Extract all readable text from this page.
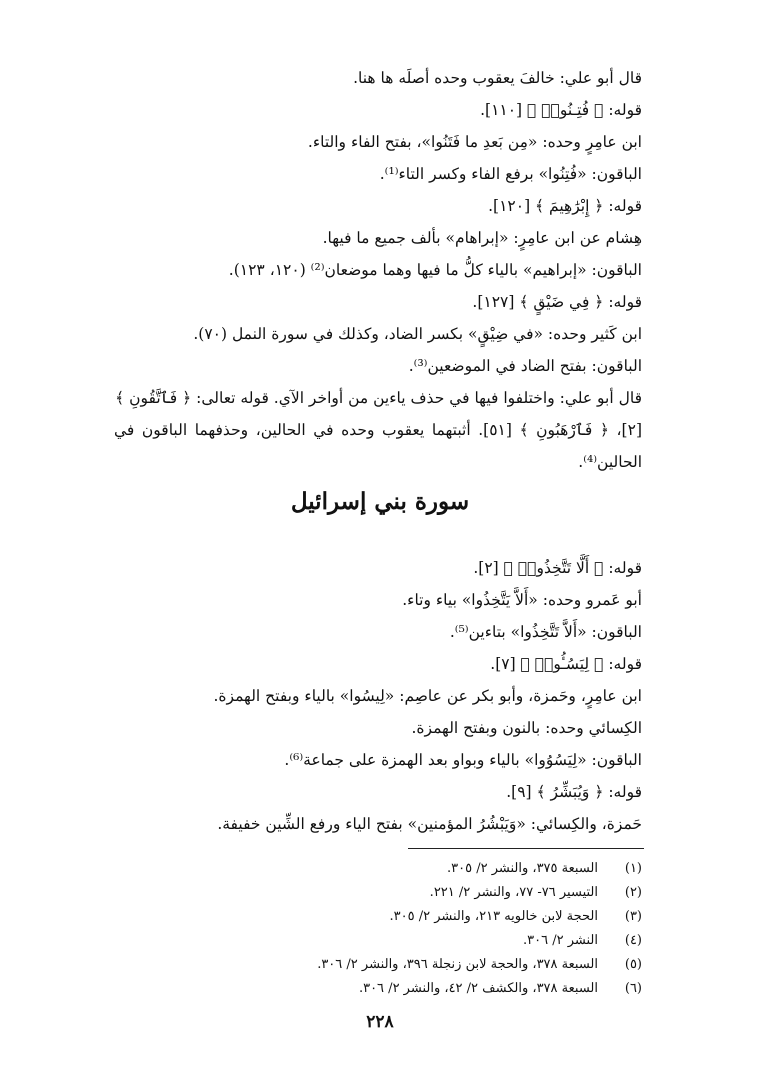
قال أبو علي: خالفَ يعقوب وحده أصلَه ها هنا.
قوله: ﴿ فُتِـنُوا۟ ﴾ [١١٠].
ابن عامِرٍ وحده: «مِن بَعدِ ما فَتَنُوا»، بفتح الفاء والتاء.
الباقون: «فُتِنُوا» برفع الفاء وكسر التاء⁽¹⁾.
قوله: ﴿ إِبْرَٰهِيمَ ﴾ [١٢٠].
هِشام عن ابن عامِرٍ: «إبراهام» بألف جميع ما فيها.
الباقون: «إبراهيم» بالياء كلُّ ما فيها وهما موضعان⁽²⁾ (١٢٠، ١٢٣).
قوله: ﴿ فِي ضَيْقٍ ﴾ [١٢٧].
ابن كَثير وحده: «في ضِيْقٍ» بكسر الضاد، وكذلك في سورة النمل (٧٠).
الباقون: بفتح الضاد في الموضعين⁽³⁾.
قال أبو علي: واختلفوا فيها في حذف ياءين من أواخر الآي. قوله تعالى: ﴿ فَٱتَّقُونِ ﴾
[٢]، ﴿ فَٱرْهَبُونِ ﴾ [٥١]. أثبتهما يعقوب وحده في الحالين، وحذفهما الباقون في الحالين⁽⁴⁾.
سورة بني إسرائيل
قوله: ﴿ أَلَّا تَتَّخِذُوا۟ ﴾ [٢].
أبو عَمرو وحده: «أَلاَّ يَتَّخِذُوا» بياء وتاء.
الباقون: «أَلاَّ تَتَّخِذُوا» بتاءين⁽⁵⁾.
قوله: ﴿ لِيَسُـُٔوا۟ ﴾ [٧].
ابن عامِرٍ، وحَمزة، وأبو بكر عن عاصِم: «لِيسُوا» بالياء وبفتح الهمزة.
الكِسائي وحده: بالنون وبفتح الهمزة.
الباقون: «لِيَسُوُوا» بالياء وبواو بعد الهمزة على جماعة⁽⁶⁾.
قوله: ﴿ وَيُبَشِّرُ ﴾ [٩].
حَمزة، والكِسائي: «وَيَبْشُرُ المؤمنين» بفتح الياء ورفع الشِّين خفيفة.
(١)
السبعة ٣٧٥، والنشر ٢/ ٣٠٥.
(٢)
التيسير ٧٦- ٧٧، والنشر ٢/ ٢٢١.
(٣)
الحجة لابن خالويه ٢١٣، والنشر ٢/ ٣٠٥.
(٤)
النشر ٢/ ٣٠٦.
(٥)
السبعة ٣٧٨، والحجة لابن زنجلة ٣٩٦، والنشر ٢/ ٣٠٦.
(٦)
السبعة ٣٧٨، والكشف ٢/ ٤٢، والنشر ٢/ ٣٠٦.
٢٢٨
